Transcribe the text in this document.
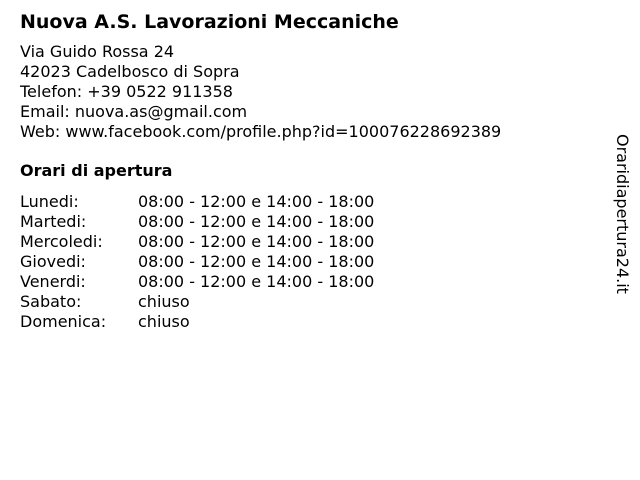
Nuova A.S. Lavorazioni Meccaniche
Via Guido Rossa 24
42023 Cadelbosco di Sopra
Telefon: +39 0522 911358
Email: nuova.as@gmail.com
Web: www.facebook.com/profile.php?id=100076228692389
Orari di apertura
Lunedi:	08:00 - 12:00 e 14:00 - 18:00
Martedi:	08:00 - 12:00 e 14:00 - 18:00
Mercoledi:	08:00 - 12:00 e 14:00 - 18:00
Giovedi:	08:00 - 12:00 e 14:00 - 18:00
Venerdi:	08:00 - 12:00 e 14:00 - 18:00
Sabato:	chiuso
Domenica:	chiuso
Oraridiapertura24.it
